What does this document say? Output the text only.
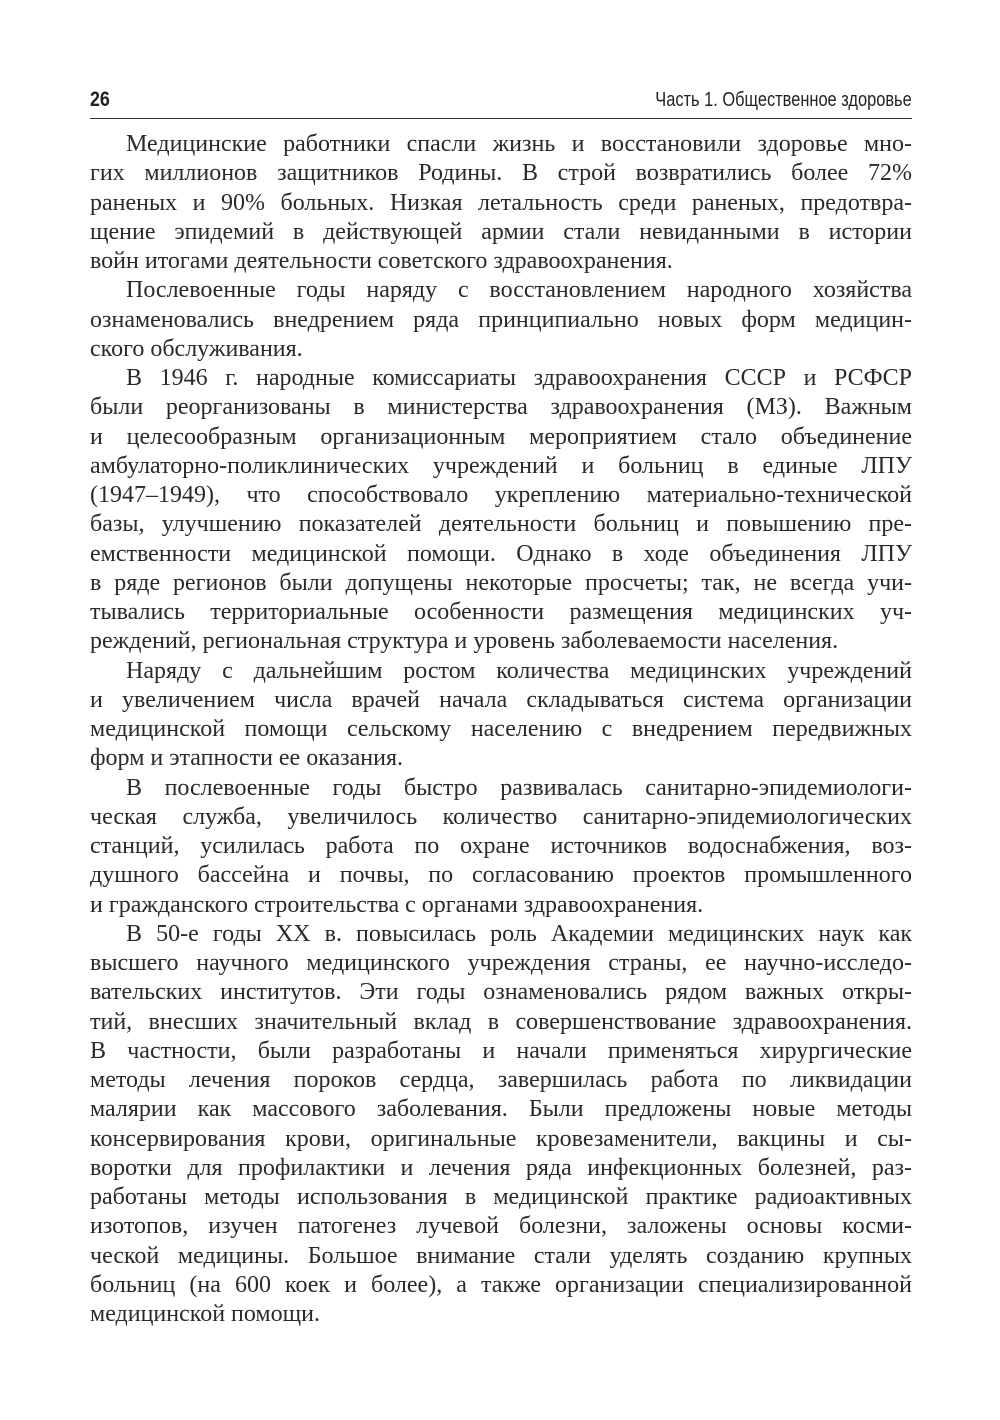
26	Часть 1. Общественное здоровье
Медицинские работники спасли жизнь и восстановили здоровье мно-
гих миллионов защитников Родины. В строй возвратились более 72%
раненых и 90% больных. Низкая летальность среди раненых, предотвра-
щение эпидемий в действующей армии стали невиданными в истории
войн итогами деятельности советского здравоохранения.
Послевоенные годы наряду с восстановлением народного хозяйства
ознаменовались внедрением ряда принципиально новых форм медицин-
ского обслуживания.
В 1946 г. народные комиссариаты здравоохранения СССР и РСФСР
были реорганизованы в министерства здравоохранения (МЗ). Важным
и целесообразным организационным мероприятием стало объединение
амбулаторно-поликлинических учреждений и больниц в единые ЛПУ
(1947–1949), что способствовало укреплению материально-технической
базы, улучшению показателей деятельности больниц и повышению пре-
емственности медицинской помощи. Однако в ходе объединения ЛПУ
в ряде регионов были допущены некоторые просчеты; так, не всегда учи-
тывались территориальные особенности размещения медицинских уч-
реждений, региональная структура и уровень заболеваемости населения.
Наряду с дальнейшим ростом количества медицинских учреждений
и увеличением числа врачей начала складываться система организации
медицинской помощи сельскому населению с внедрением передвижных
форм и этапности ее оказания.
В послевоенные годы быстро развивалась санитарно-эпидемиологи-
ческая служба, увеличилось количество санитарно-эпидемиологических
станций, усилилась работа по охране источников водоснабжения, воз-
душного бассейна и почвы, по согласованию проектов промышленного
и гражданского строительства с органами здравоохранения.
В 50-е годы XX в. повысилась роль Академии медицинских наук как
высшего научного медицинского учреждения страны, ее научно-исследо-
вательских институтов. Эти годы ознаменовались рядом важных откры-
тий, внесших значительный вклад в совершенствование здравоохранения.
В частности, были разработаны и начали применяться хирургические
методы лечения пороков сердца, завершилась работа по ликвидации
малярии как массового заболевания. Были предложены новые методы
консервирования крови, оригинальные кровезаменители, вакцины и сы-
воротки для профилактики и лечения ряда инфекционных болезней, раз-
работаны методы использования в медицинской практике радиоактивных
изотопов, изучен патогенез лучевой болезни, заложены основы косми-
ческой медицины. Большое внимание стали уделять созданию крупных
больниц (на 600 коек и более), а также организации специализированной
медицинской помощи.
